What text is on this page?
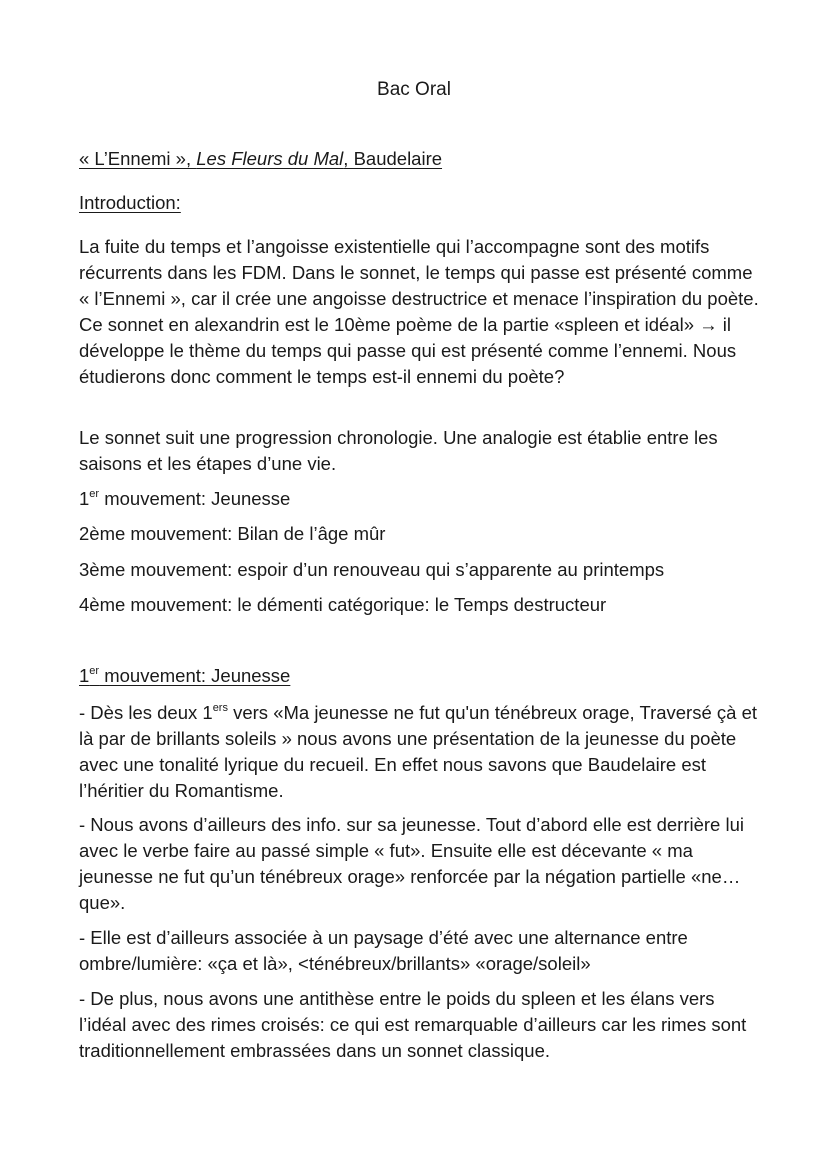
Bac Oral
« L’Ennemi », Les Fleurs du Mal, Baudelaire
Introduction:
La fuite du temps et l’angoisse existentielle qui l’accompagne sont des motifs récurrents dans les FDM. Dans le sonnet, le temps qui passe est présenté comme « l’Ennemi », car il crée une angoisse destructrice et menace l’inspiration du poète. Ce sonnet en alexandrin est le 10ème poème de la partie «spleen et idéal» → il développe le thème du temps qui passe qui est présenté comme l’ennemi. Nous étudierons donc comment le temps est-il ennemi du poète?
Le sonnet suit une progression chronologie. Une analogie est établie entre les saisons et les étapes d’une vie.
1er mouvement: Jeunesse
2ème mouvement: Bilan de l’âge mûr
3ème mouvement: espoir d’un renouveau qui s’apparente au printemps
4ème mouvement: le démenti catégorique: le Temps destructeur
1er mouvement: Jeunesse
- Dès les deux 1ers vers «Ma jeunesse ne fut qu'un ténébreux orage, Traversé çà et là par de brillants soleils » nous avons une présentation de la jeunesse du poète avec une tonalité lyrique du recueil. En effet nous savons que Baudelaire est l’héritier du Romantisme.
- Nous avons d’ailleurs des info. sur sa jeunesse. Tout d’abord elle est derrière lui avec le verbe faire au passé simple « fut». Ensuite elle est décevante « ma jeunesse ne fut qu’un ténébreux orage» renforcée par la négation partielle «ne… que».
- Elle est d’ailleurs associée à un paysage d’été avec une alternance entre ombre/lumière: «ça et là», <ténébreux/brillants» «orage/soleil»
- De plus, nous avons une antithèse entre le poids du spleen et les élans vers l’idéal avec des rimes croisés: ce qui est remarquable d’ailleurs car les rimes sont traditionnellement embrassées dans un sonnet classique.
